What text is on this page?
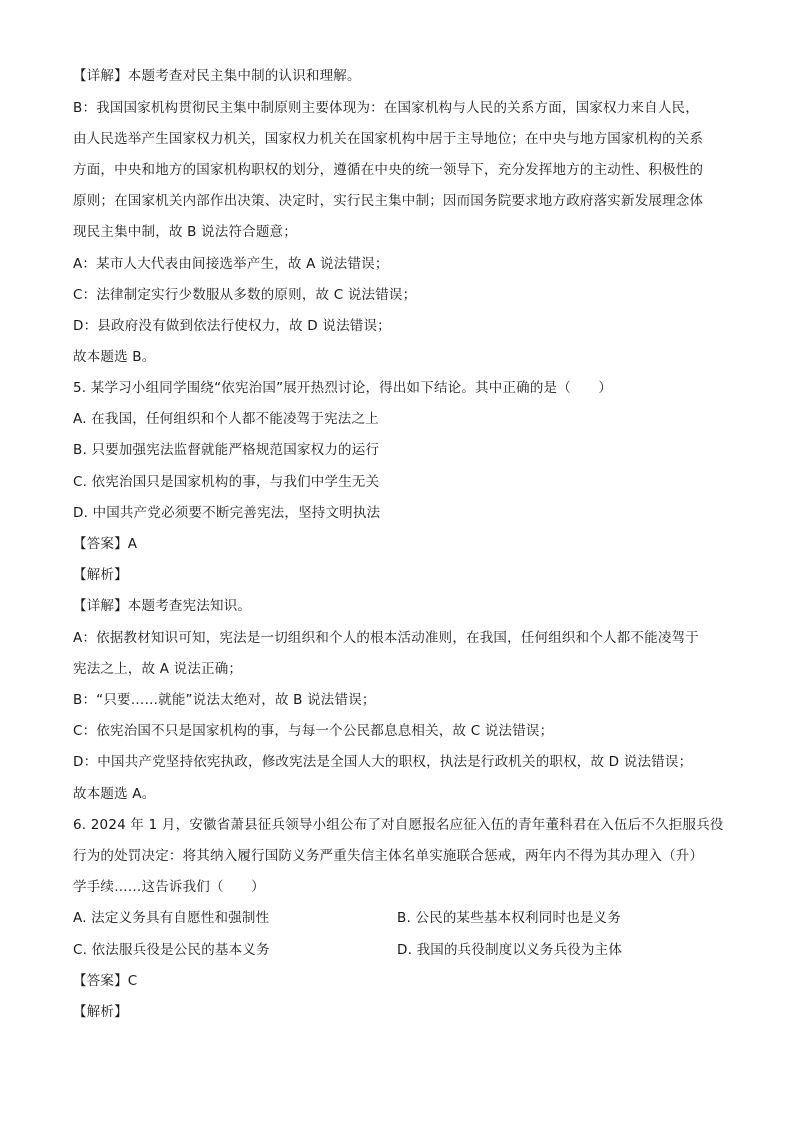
【详解】本题考查对民主集中制的认识和理解。
B：我国国家机构贯彻民主集中制原则主要体现为：在国家机构与人民的关系方面，国家权力来自人民，
由人民选举产生国家权力机关，国家权力机关在国家机构中居于主导地位；在中央与地方国家机构的关系
方面，中央和地方的国家机构职权的划分，遵循在中央的统一领导下，充分发挥地方的主动性、积极性的
原则；在国家机关内部作出决策、决定时，实行民主集中制；因而国务院要求地方政府落实新发展理念体
现民主集中制，故 B 说法符合题意；
A：某市人大代表由间接选举产生，故 A 说法错误；
C：法律制定实行少数服从多数的原则，故 C 说法错误；
D：县政府没有做到依法行使权力，故 D 说法错误；
故本题选 B。
5. 某学习小组同学围绕“依宪治国”展开热烈讨论，得出如下结论。其中正确的是（　　）
A. 在我国，任何组织和个人都不能凌驾于宪法之上
B. 只要加强宪法监督就能严格规范国家权力的运行
C. 依宪治国只是国家机构的事，与我们中学生无关
D. 中国共产党必须要不断完善宪法，坚持文明执法
【答案】A
【解析】
【详解】本题考查宪法知识。
A：依据教材知识可知，宪法是一切组织和个人的根本活动准则，在我国，任何组织和个人都不能凌驾于
宪法之上，故 A 说法正确；
B：“只要……就能”说法太绝对，故 B 说法错误；
C：依宪治国不只是国家机构的事，与每一个公民都息息相关，故 C 说法错误；
D：中国共产党坚持依宪执政，修改宪法是全国人大的职权，执法是行政机关的职权，故 D 说法错误；
故本题选 A。
6. 2024 年 1 月，安徽省萧县征兵领导小组公布了对自愿报名应征入伍的青年董科君在入伍后不久拒服兵役
行为的处罚决定：将其纳入履行国防义务严重失信主体名单实施联合惩戒，两年内不得为其办理入（升）
学手续……这告诉我们（　　）
A. 法定义务具有自愿性和强制性	B. 公民的某些基本权利同时也是义务
C. 依法服兵役是公民的基本义务	D. 我国的兵役制度以义务兵役为主体
【答案】C
【解析】
